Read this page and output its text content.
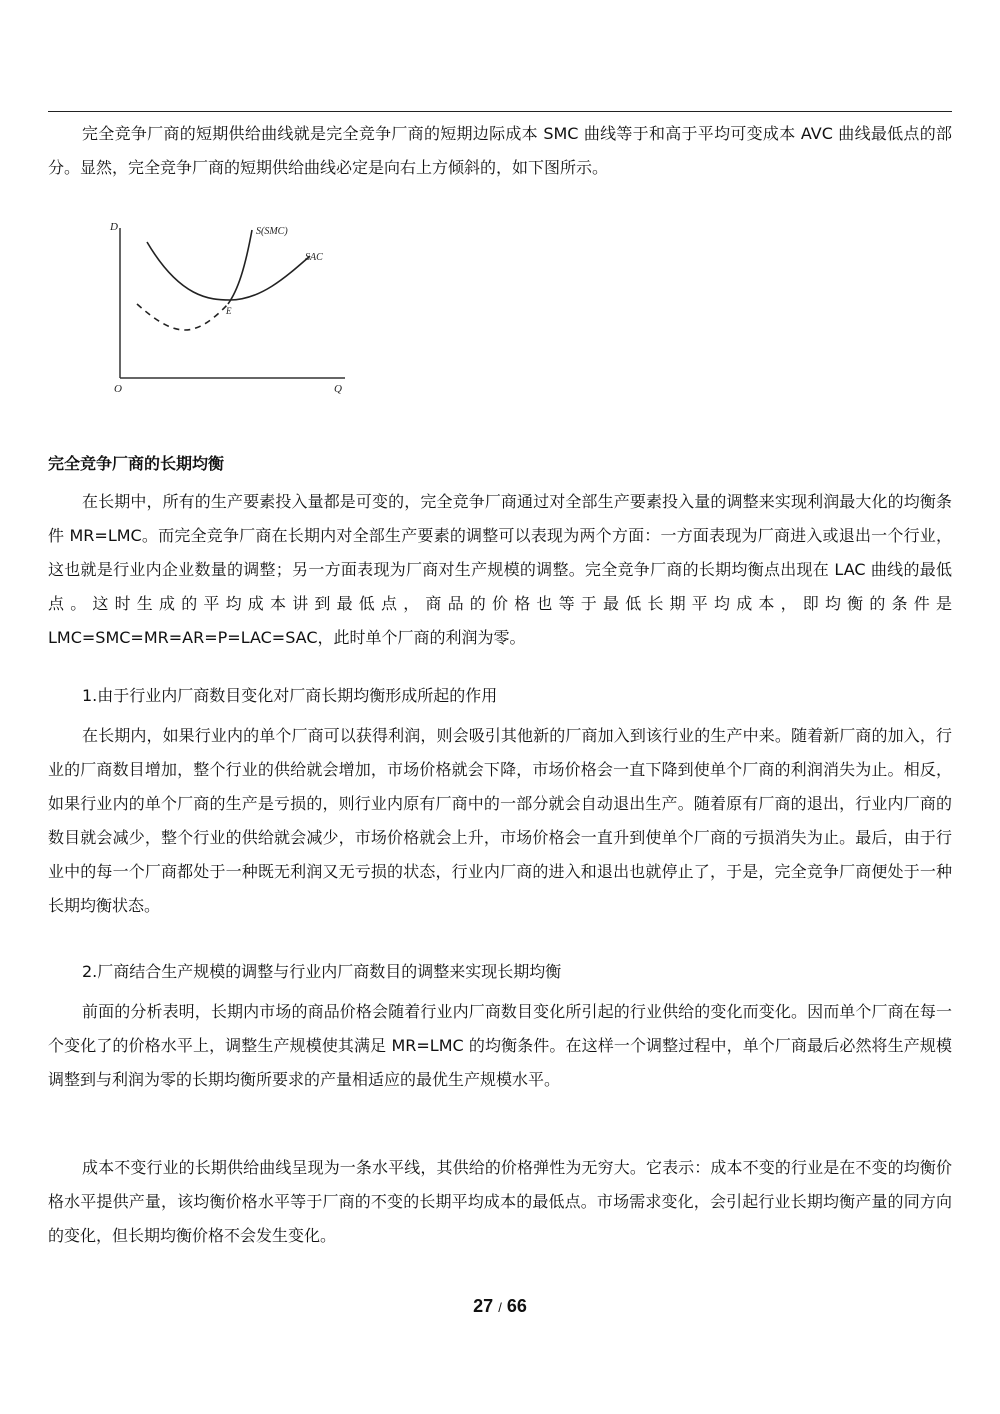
完全竞争厂商的短期供给曲线就是完全竞争厂商的短期边际成本 SMC 曲线等于和高于平均可变成本 AVC 曲线最低点的部分。显然，完全竞争厂商的短期供给曲线必定是向右上方倾斜的，如下图所示。

D
Q
O
S(SMC)
SAC
E

完全竞争厂商的长期均衡

在长期中，所有的生产要素投入量都是可变的，完全竞争厂商通过对全部生产要素投入量的调整来实现利润最大化的均衡条件 MR=LMC。而完全竞争厂商在长期内对全部生产要素的调整可以表现为两个方面：一方面表现为厂商进入或退出一个行业，这也就是行业内企业数量的调整；另一方面表现为厂商对生产规模的调整。完全竞争厂商的长期均衡点出现在 LAC 曲线的最低点。这时生成的平均成本讲到最低点，商品的价格也等于最低长期平均成本，即均衡的条件是 LMC=SMC=MR=AR=P=LAC=SAC，此时单个厂商的利润为零。

1.由于行业内厂商数目变化对厂商长期均衡形成所起的作用

在长期内，如果行业内的单个厂商可以获得利润，则会吸引其他新的厂商加入到该行业的生产中来。随着新厂商的加入，行业的厂商数目增加，整个行业的供给就会增加，市场价格就会下降，市场价格会一直下降到使单个厂商的利润消失为止。相反，如果行业内的单个厂商的生产是亏损的，则行业内原有厂商中的一部分就会自动退出生产。随着原有厂商的退出，行业内厂商的数目就会减少，整个行业的供给就会减少，市场价格就会上升，市场价格会一直升到使单个厂商的亏损消失为止。最后，由于行业中的每一个厂商都处于一种既无利润又无亏损的状态，行业内厂商的进入和退出也就停止了，于是，完全竞争厂商便处于一种长期均衡状态。

2.厂商结合生产规模的调整与行业内厂商数目的调整来实现长期均衡

前面的分析表明，长期内市场的商品价格会随着行业内厂商数目变化所引起的行业供给的变化而变化。因而单个厂商在每一个变化了的价格水平上，调整生产规模使其满足 MR=LMC 的均衡条件。在这样一个调整过程中，单个厂商最后必然将生产规模调整到与利润为零的长期均衡所要求的产量相适应的最优生产规模水平。

成本不变行业的长期供给曲线呈现为一条水平线，其供给的价格弹性为无穷大。它表示：成本不变的行业是在不变的均衡价格水平提供产量，该均衡价格水平等于厂商的不变的长期平均成本的最低点。市场需求变化，会引起行业长期均衡产量的同方向的变化，但长期均衡价格不会发生变化。

27 / 66
